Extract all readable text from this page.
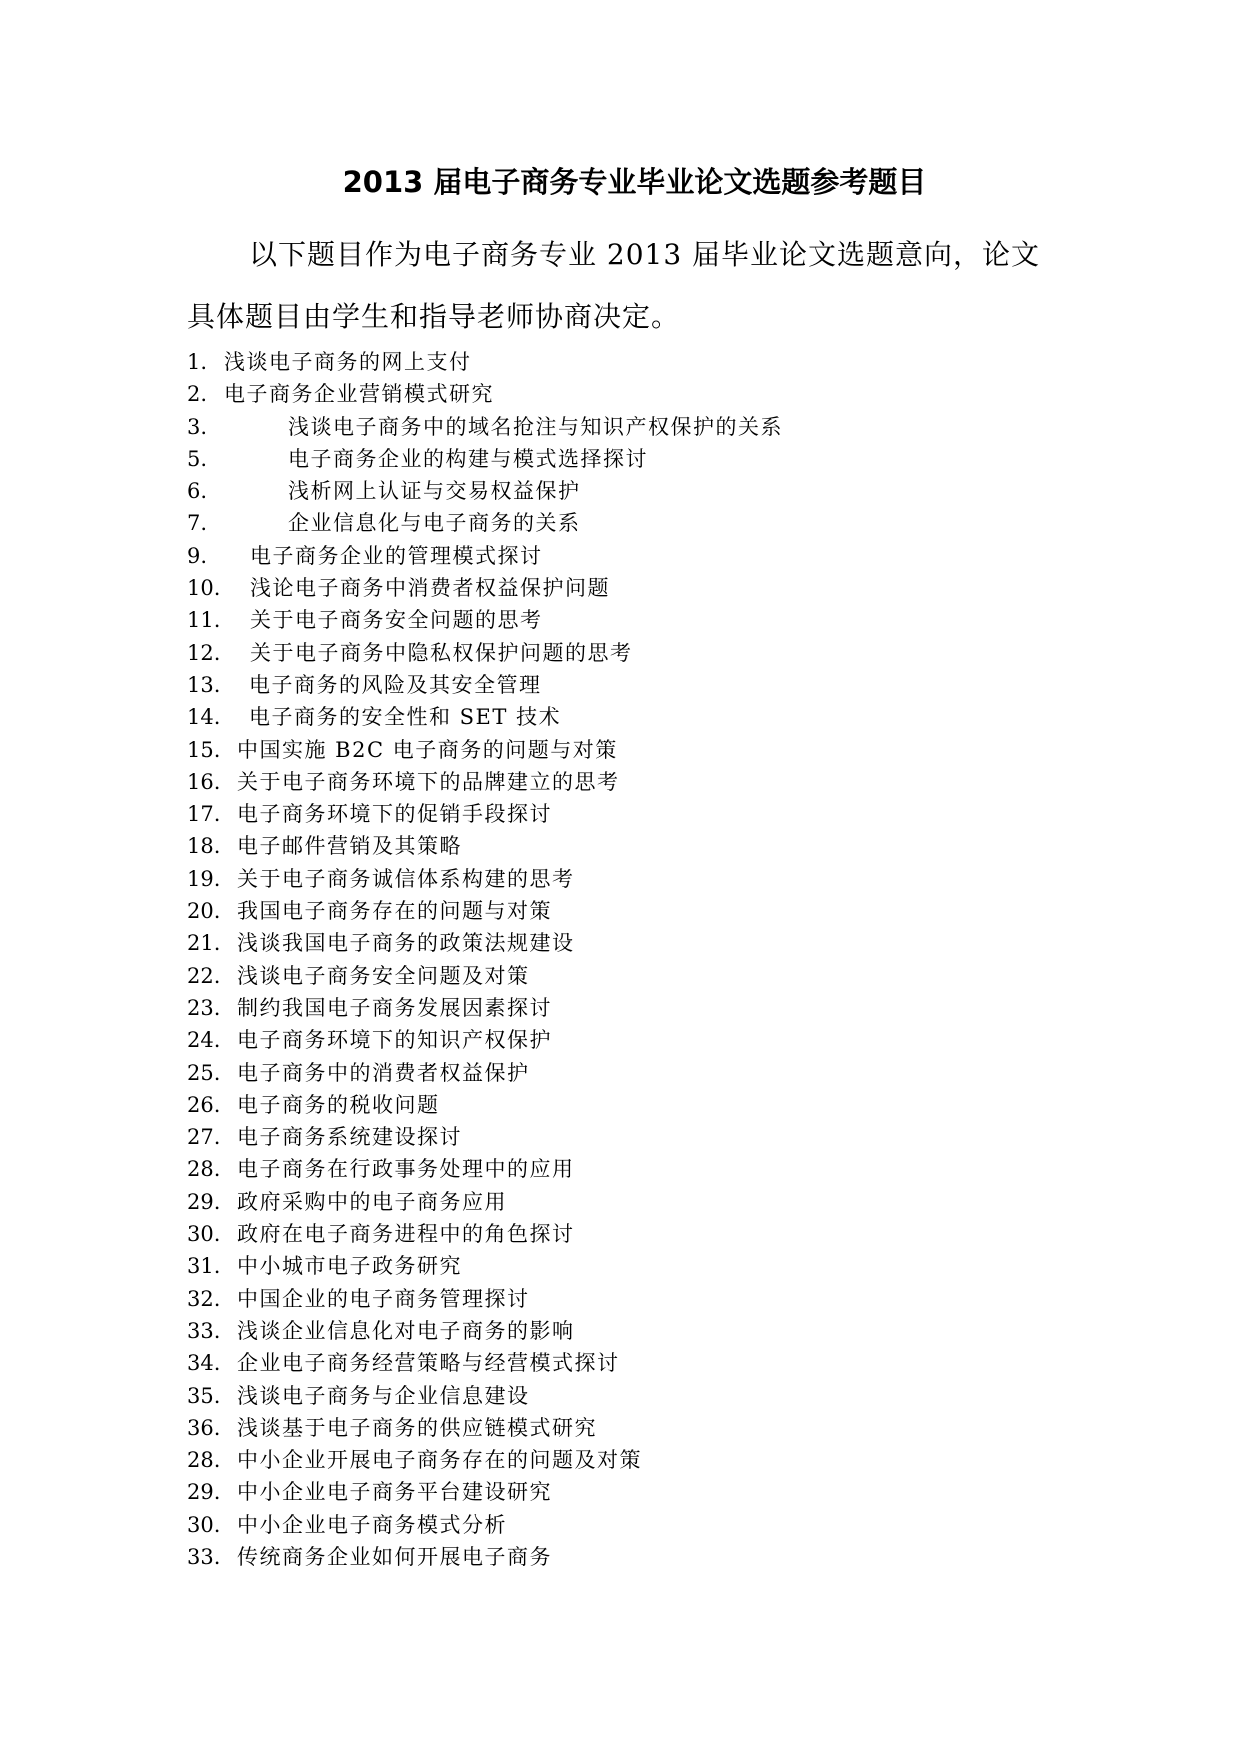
2013 届电子商务专业毕业论文选题参考题目
以下题目作为电子商务专业 2013 届毕业论文选题意向，论文具体题目由学生和指导老师协商决定。
1. 浅谈电子商务的网上支付
2. 电子商务企业营销模式研究
3.	浅谈电子商务中的域名抢注与知识产权保护的关系
5.	电子商务企业的构建与模式选择探讨
6.	浅析网上认证与交易权益保护
7.	企业信息化与电子商务的关系
9. 电子商务企业的管理模式探讨
10. 浅论电子商务中消费者权益保护问题
11. 关于电子商务安全问题的思考
12. 关于电子商务中隐私权保护问题的思考
13. 电子商务的风险及其安全管理
14. 电子商务的安全性和 SET 技术
15. 中国实施 B2C 电子商务的问题与对策
16. 关于电子商务环境下的品牌建立的思考
17. 电子商务环境下的促销手段探讨
18. 电子邮件营销及其策略
19. 关于电子商务诚信体系构建的思考
20. 我国电子商务存在的问题与对策
21. 浅谈我国电子商务的政策法规建设
22. 浅谈电子商务安全问题及对策
23. 制约我国电子商务发展因素探讨
24. 电子商务环境下的知识产权保护
25. 电子商务中的消费者权益保护
26. 电子商务的税收问题
27. 电子商务系统建设探讨
28. 电子商务在行政事务处理中的应用
29. 政府采购中的电子商务应用
30. 政府在电子商务进程中的角色探讨
31. 中小城市电子政务研究
32. 中国企业的电子商务管理探讨
33. 浅谈企业信息化对电子商务的影响
34. 企业电子商务经营策略与经营模式探讨
35. 浅谈电子商务与企业信息建设
36. 浅谈基于电子商务的供应链模式研究
28. 中小企业开展电子商务存在的问题及对策
29. 中小企业电子商务平台建设研究
30. 中小企业电子商务模式分析
33. 传统商务企业如何开展电子商务
